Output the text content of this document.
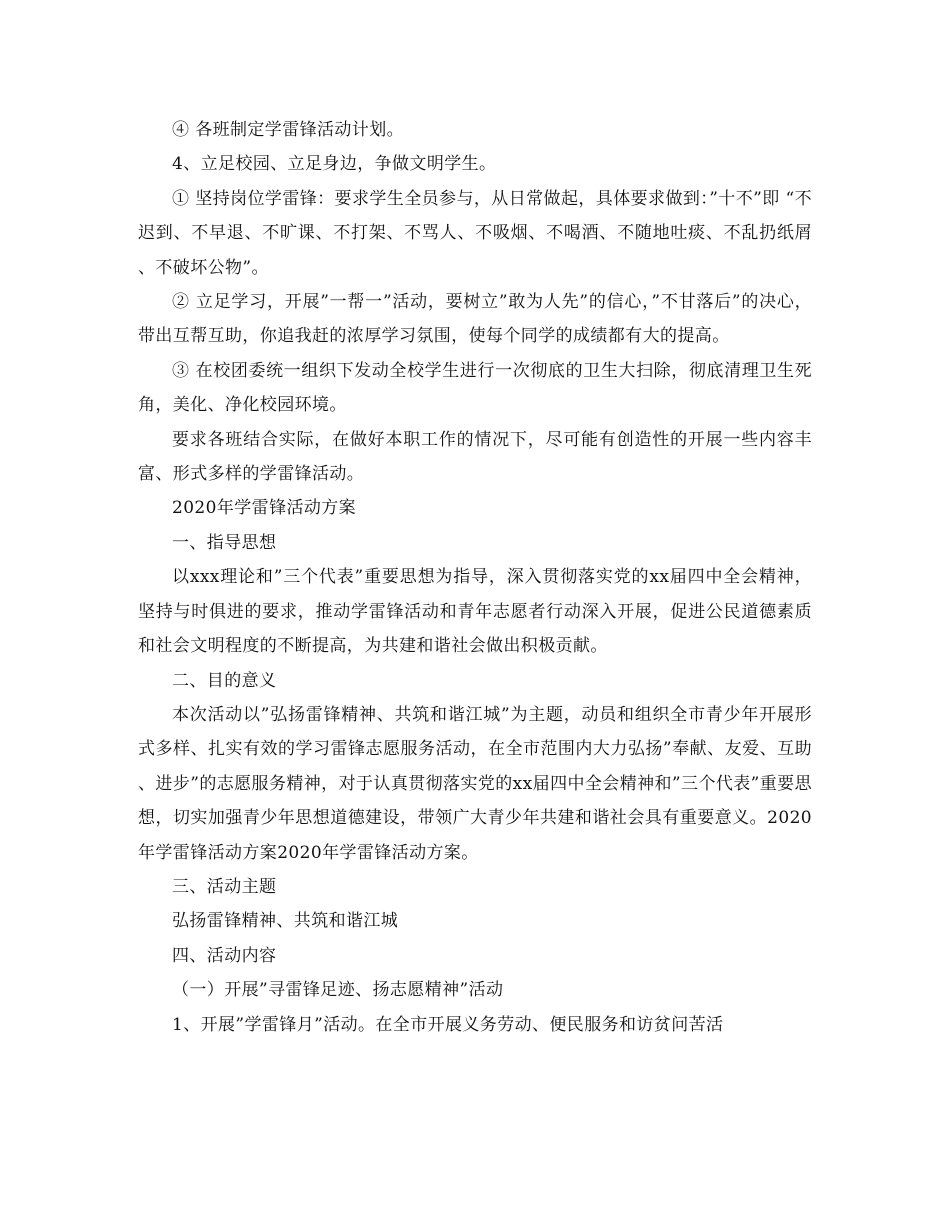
④ 各班制定学雷锋活动计划。

4、立足校园、立足身边，争做文明学生。

① 坚持岗位学雷锋：要求学生全员参与，从日常做起，具体要求做到：”十不”即 “不迟到、不早退、不旷课、不打架、不骂人、不吸烟、不喝酒、不随地吐痰、不乱扔纸屑、不破坏公物”。

② 立足学习，开展”一帮一”活动，要树立”敢为人先”的信心，”不甘落后”的决心，带出互帮互助，你追我赶的浓厚学习氛围，使每个同学的成绩都有大的提高。

③ 在校团委统一组织下发动全校学生进行一次彻底的卫生大扫除，彻底清理卫生死角，美化、净化校园环境。

要求各班结合实际，在做好本职工作的情况下，尽可能有创造性的开展一些内容丰富、形式多样的学雷锋活动。

2020年学雷锋活动方案

一、指导思想

以xxx理论和”三个代表”重要思想为指导，深入贯彻落实党的xx届四中全会精神，坚持与时俱进的要求，推动学雷锋活动和青年志愿者行动深入开展，促进公民道德素质和社会文明程度的不断提高，为共建和谐社会做出积极贡献。

二、目的意义

本次活动以”弘扬雷锋精神、共筑和谐江城”为主题，动员和组织全市青少年开展形式多样、扎实有效的学习雷锋志愿服务活动，在全市范围内大力弘扬”奉献、友爱、互助、进步”的志愿服务精神，对于认真贯彻落实党的xx届四中全会精神和”三个代表”重要思想，切实加强青少年思想道德建设，带领广大青少年共建和谐社会具有重要意义。2020年学雷锋活动方案2020年学雷锋活动方案。

三、活动主题

弘扬雷锋精神、共筑和谐江城

四、活动内容

（一）开展”寻雷锋足迹、扬志愿精神”活动

1、开展”学雷锋月”活动。在全市开展义务劳动、便民服务和访贫问苦活
